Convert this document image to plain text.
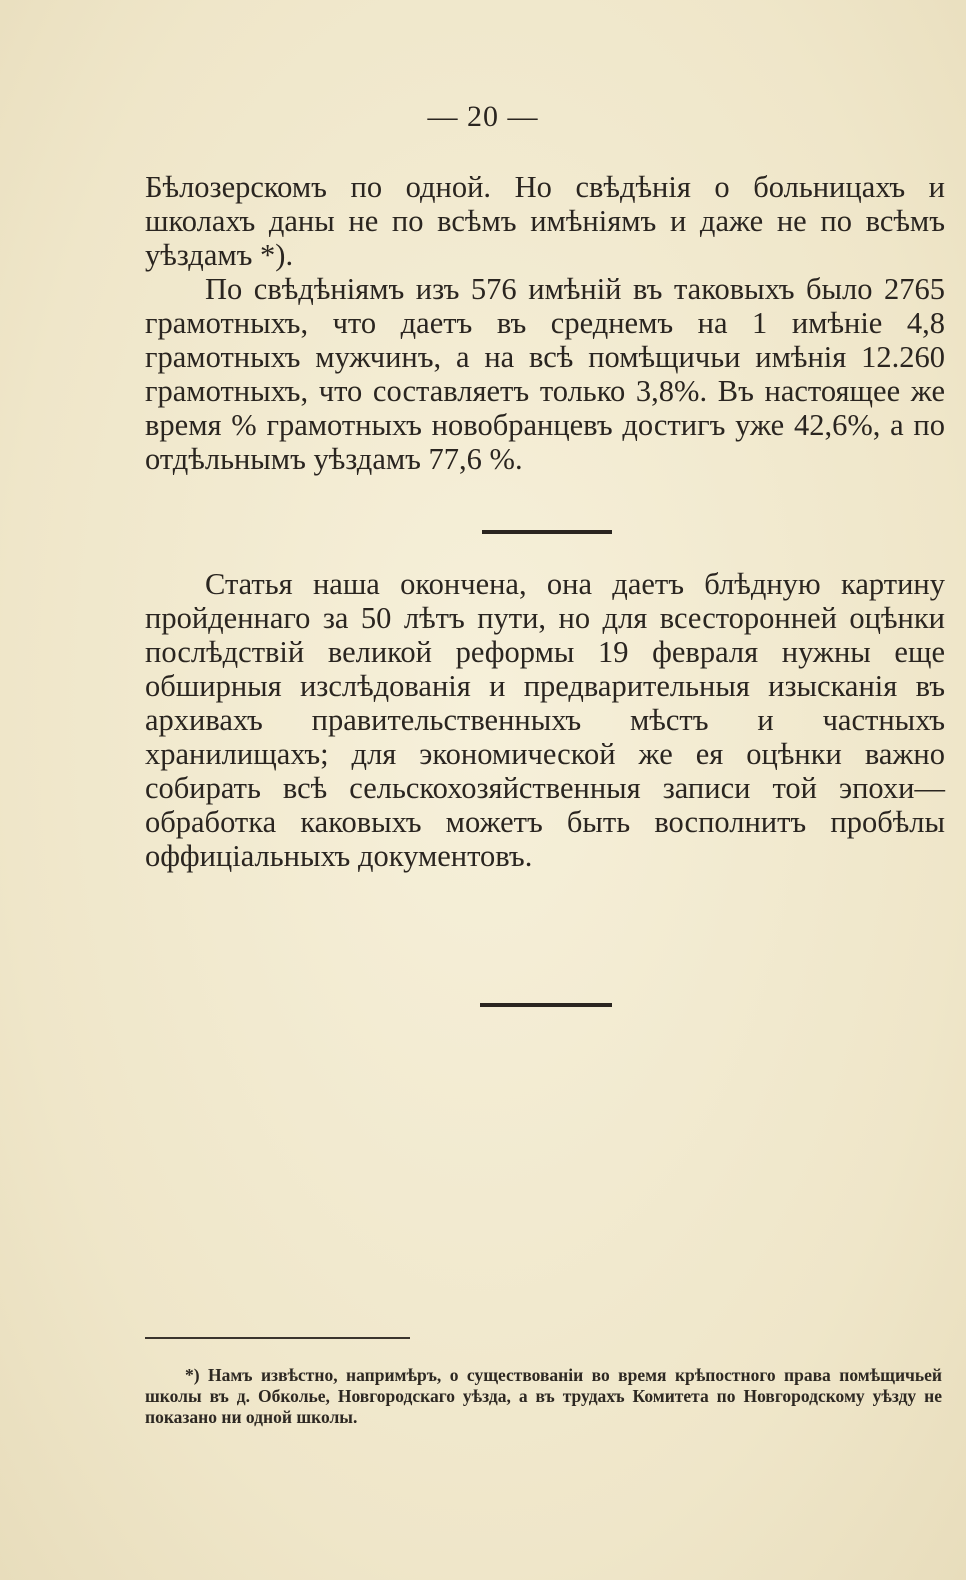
— 20 —

Бѣлозерскомъ по одной. Но свѣдѣнія о больницахъ и школахъ даны не по всѣмъ имѣніямъ и даже не по всѣмъ уѣздамъ *).

По свѣдѣніямъ изъ 576 имѣній въ таковыхъ было 2765 грамотныхъ, что даетъ въ среднемъ на 1 имѣніе 4,8 грамотныхъ мужчинъ, а на всѣ помѣщичьи имѣнія 12.260 грамотныхъ, что составляетъ только 3,8%. Въ настоящее же время % грамотныхъ новобранцевъ достигъ уже 42,6%, а по отдѣльнымъ уѣздамъ 77,6 %.

Статья наша окончена, она даетъ блѣдную картину пройденнаго за 50 лѣтъ пути, но для всесторонней оцѣнки послѣдствій великой реформы 19 февраля нужны еще обширныя изслѣдованія и предварительныя изысканія въ архивахъ правительственныхъ мѣстъ и частныхъ хранилищахъ; для экономической же ея оцѣнки важно собирать всѣ сельскохозяйственныя записи той эпохи—обработка каковыхъ можетъ быть восполнитъ пробѣлы оффиціальныхъ документовъ.

*) Намъ извѣстно, напримѣръ, о существованіи во время крѣпостного права помѣщичьей школы въ д. Обколье, Новгородскаго уѣзда, а въ трудахъ Комитета по Новгородскому уѣзду не показано ни одной школы.
